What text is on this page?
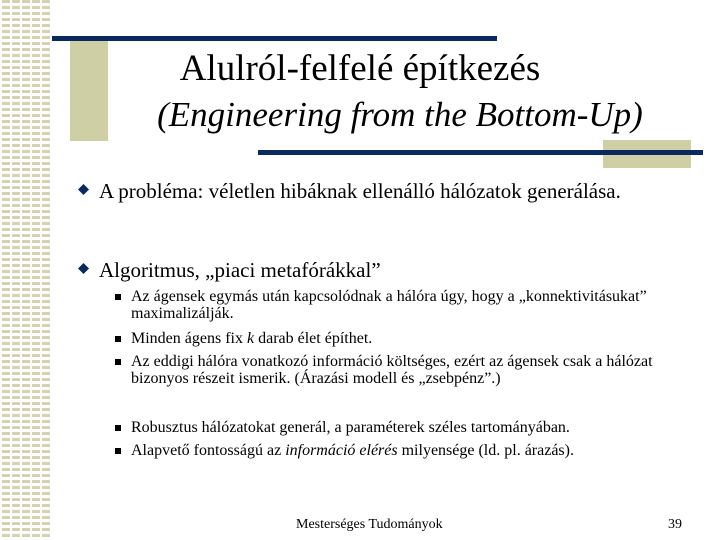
Alulról-felfelé építkezés
(Engineering from the Bottom-Up)
A probléma: véletlen hibáknak ellenálló hálózatok generálása.
Algoritmus, „piaci metafórákkal”
Az ágensek egymás után kapcsolódnak a hálóra úgy, hogy a „konnektivitásukat” maximalizálják.
Minden ágens fix k darab élet építhet.
Az eddigi hálóra vonatkozó információ költséges, ezért az ágensek csak a hálózat bizonyos részeit ismerik. (Árazási modell és „zsebpénz”.)
Robusztus hálózatokat generál, a paraméterek széles tartományában.
Alapvető fontosságú az információ elérés milyensége (ld. pl. árazás).
Mesterséges Tudományok	39
